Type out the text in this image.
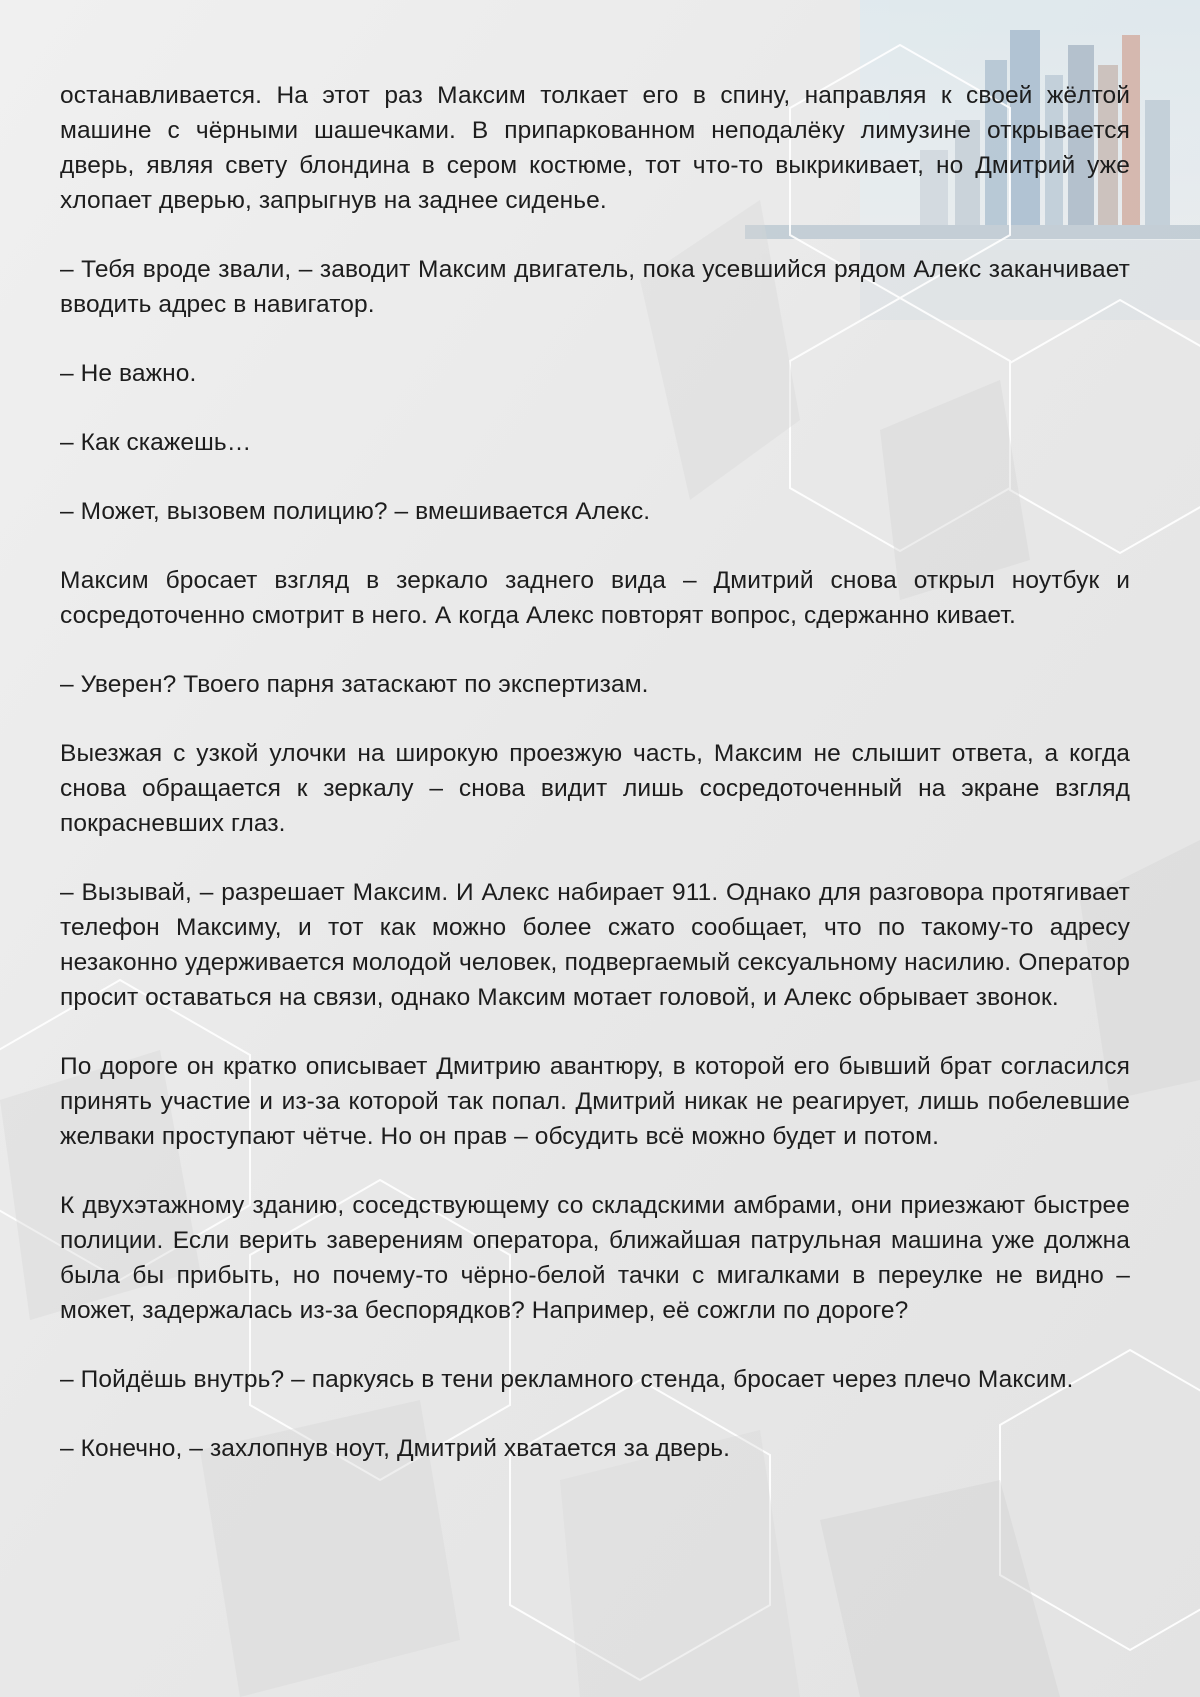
останавливается. На этот раз Максим толкает его в спину, направляя к своей жёлтой машине с чёрными шашечками. В припаркованном неподалёку лимузине открывается дверь, являя свету блондина в сером костюме, тот что-то выкрикивает, но Дмитрий уже хлопает дверью, запрыгнув на заднее сиденье.

– Тебя вроде звали, – заводит Максим двигатель, пока усевшийся рядом Алекс заканчивает вводить адрес в навигатор.

– Не важно.

– Как скажешь…

– Может, вызовем полицию? – вмешивается Алекс.

Максим бросает взгляд в зеркало заднего вида – Дмитрий снова открыл ноутбук и сосредоточенно смотрит в него. А когда Алекс повторят вопрос, сдержанно кивает.

– Уверен? Твоего парня затаскают по экспертизам.

Выезжая с узкой улочки на широкую проезжую часть, Максим не слышит ответа, а когда снова обращается к зеркалу – снова видит лишь сосредоточенный на экране взгляд покрасневших глаз.

– Вызывай, – разрешает Максим. И Алекс набирает 911. Однако для разговора протягивает телефон Максиму, и тот как можно более сжато сообщает, что по такому-то адресу незаконно удерживается молодой человек, подвергаемый сексуальному насилию. Оператор просит оставаться на связи, однако Максим мотает головой, и Алекс обрывает звонок.

По дороге он кратко описывает Дмитрию авантюру, в которой его бывший брат согласился принять участие и из-за которой так попал. Дмитрий никак не реагирует, лишь побелевшие желваки проступают чётче. Но он прав – обсудить всё можно будет и потом.

К двухэтажному зданию, соседствующему со складскими амбрами, они приезжают быстрее полиции. Если верить заверениям оператора, ближайшая патрульная машина уже должна была бы прибыть, но почему-то чёрно-белой тачки с мигалками в переулке не видно – может, задержалась из-за беспорядков? Например, её сожгли по дороге?

– Пойдёшь внутрь? – паркуясь в тени рекламного стенда, бросает через плечо Максим.

– Конечно, – захлопнув ноут, Дмитрий хватается за дверь.
